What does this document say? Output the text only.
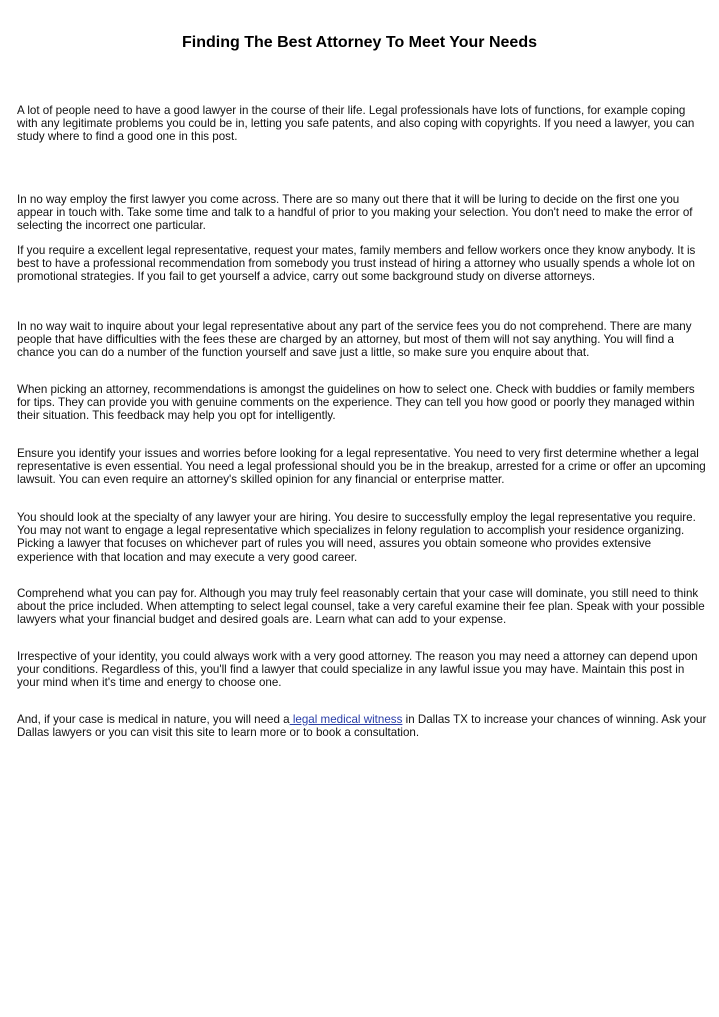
Finding The Best Attorney To Meet Your Needs

A lot of people need to have a good lawyer in the course of their life. Legal professionals have lots of functions, for example coping with any legitimate problems you could be in, letting you safe patents, and also coping with copyrights. If you need a lawyer, you can study where to find a good one in this post.

In no way employ the first lawyer you come across. There are so many out there that it will be luring to decide on the first one you appear in touch with. Take some time and talk to a handful of prior to you making your selection. You don't need to make the error of selecting the incorrect one particular.

If you require a excellent legal representative, request your mates, family members and fellow workers once they know anybody. It is best to have a professional recommendation from somebody you trust instead of hiring a attorney who usually spends a whole lot on promotional strategies. If you fail to get yourself a advice, carry out some background study on diverse attorneys.

In no way wait to inquire about your legal representative about any part of the service fees you do not comprehend. There are many people that have difficulties with the fees these are charged by an attorney, but most of them will not say anything. You will find a chance you can do a number of the function yourself and save just a little, so make sure you enquire about that.

When picking an attorney, recommendations is amongst the guidelines on how to select one. Check with buddies or family members for tips. They can provide you with genuine comments on the experience. They can tell you how good or poorly they managed within their situation. This feedback may help you opt for intelligently.

Ensure you identify your issues and worries before looking for a legal representative. You need to very first determine whether a legal representative is even essential. You need a legal professional should you be in the breakup, arrested for a crime or offer an upcoming lawsuit. You can even require an attorney's skilled opinion for any financial or enterprise matter.

You should look at the specialty of any lawyer your are hiring. You desire to successfully employ the legal representative you require. You may not want to engage a legal representative which specializes in felony regulation to accomplish your residence organizing. Picking a lawyer that focuses on whichever part of rules you will need, assures you obtain someone who provides extensive experience with that location and may execute a very good career.

Comprehend what you can pay for. Although you may truly feel reasonably certain that your case will dominate, you still need to think about the price included. When attempting to select legal counsel, take a very careful examine their fee plan. Speak with your possible lawyers what your financial budget and desired goals are. Learn what can add to your expense.

Irrespective of your identity, you could always work with a very good attorney. The reason you may need a attorney can depend upon your conditions. Regardless of this, you'll find a lawyer that could specialize in any lawful issue you may have. Maintain this post in your mind when it's time and energy to choose one.

And, if your case is medical in nature, you will need a legal medical witness in Dallas TX to increase your chances of winning. Ask your Dallas lawyers or you can visit this site to learn more or to book a consultation.
